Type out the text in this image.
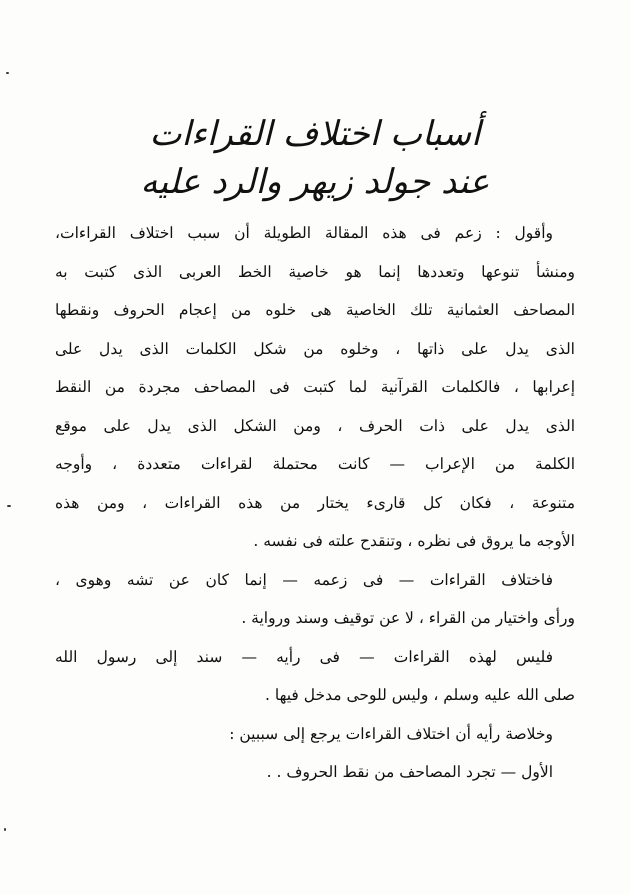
أسباب اختلاف القراءات
عند جولد زيهر والرد عليه
وأقول : زعم فى هذه المقالة الطويلة أن سبب اختلاف القراءات،
ومنشأ تنوعها وتعددها إنما هو خاصية الخط العربى الذى كتبت به
المصاحف العثمانية تلك الخاصية هى خلوه من إعجام الحروف ونقطها
الذى يدل على ذاتها ، وخلوه من شكل الكلمات الذى يدل على
إعرابها ، فالكلمات القرآنية لما كتبت فى المصاحف مجردة من النقط
الذى يدل على ذات الحرف ، ومن الشكل الذى يدل على موقع
الكلمة من الإعراب — كانت محتملة لقراءات متعددة ، وأوجه
متنوعة ، فكان كل قارىء يختار من هذه القراءات ، ومن هذه
الأوجه ما يروق فى نظره ، وتنقدح علته فى نفسه .
فاختلاف القراءات — فى زعمه — إنما كان عن تشه وهوى ،
ورأى واختيار من القراء ، لا عن توقيف وسند ورواية .
فليس لهذه القراءات — فى رأيه — سند إلى رسول الله
صلى الله عليه وسلم ، وليس للوحى مدخل فيها .
وخلاصة رأيه أن اختلاف القراءات يرجع إلى سببين :
الأول — تجرد المصاحف من نقط الحروف . .
